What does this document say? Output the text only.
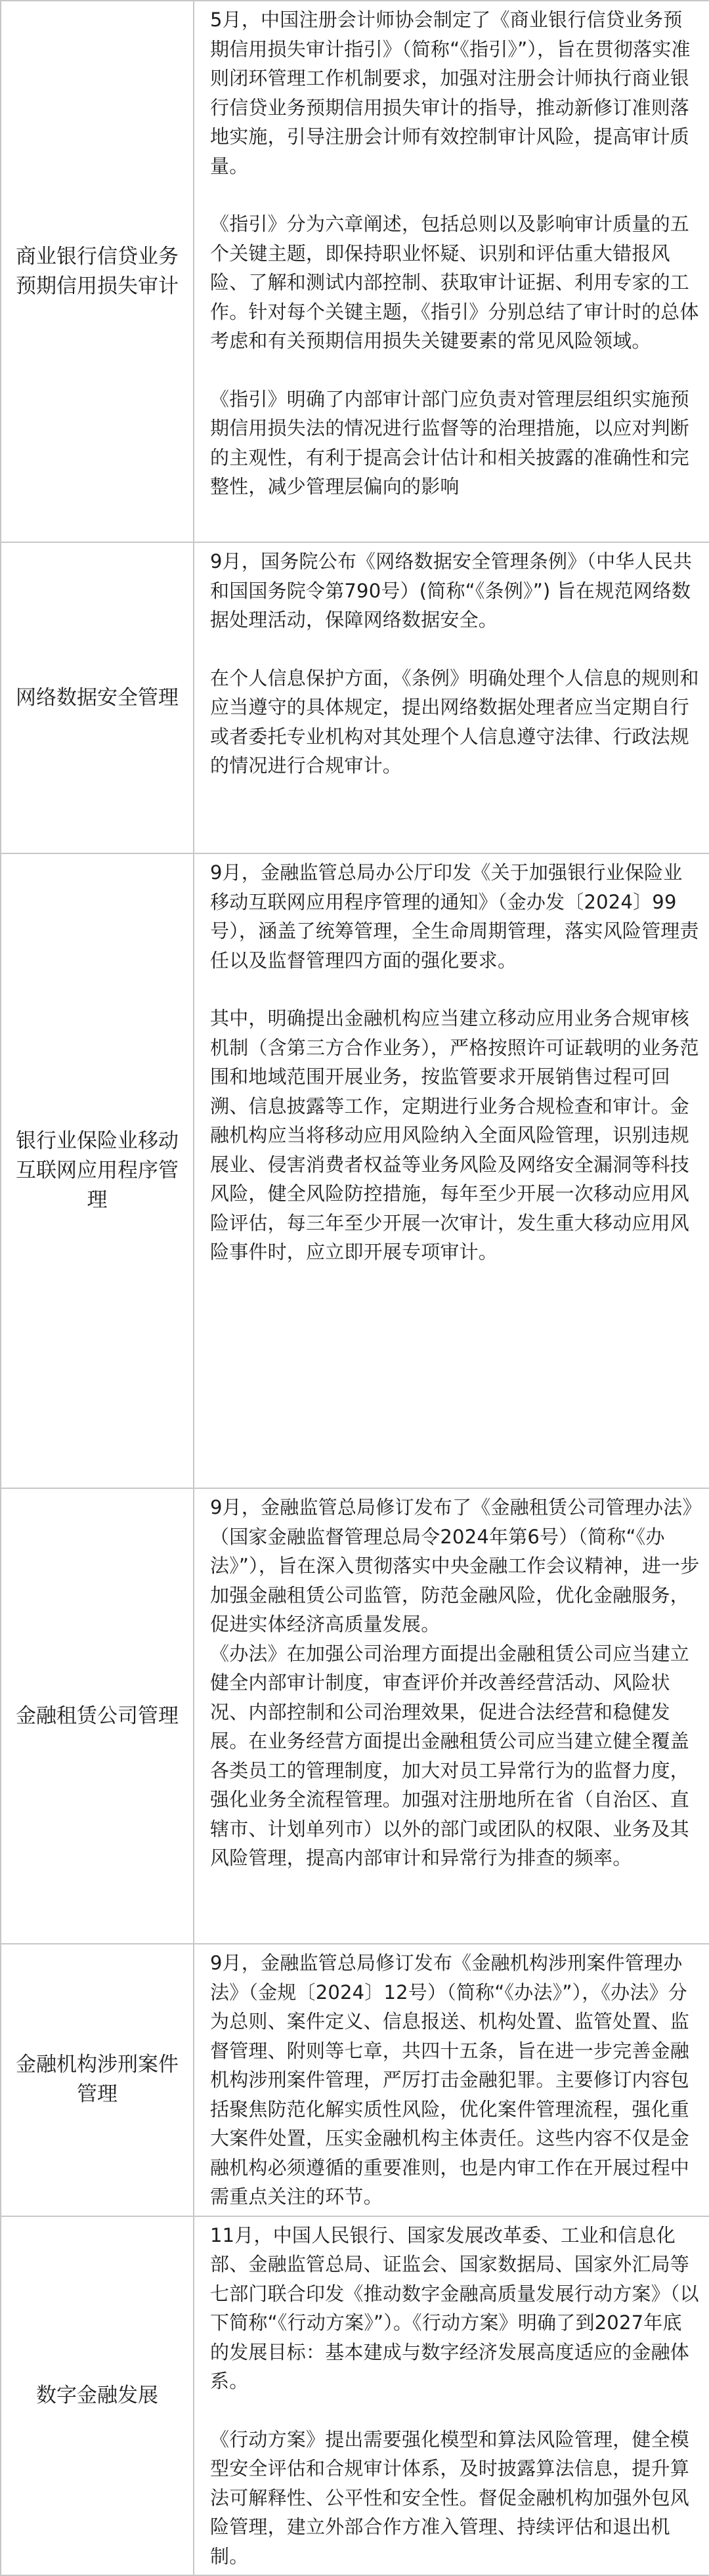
商业银行信贷业务预期信用损失审计	5月，中国注册会计师协会制定了《商业银行信贷业务预期信用损失审计指引》（简称“《指引》”），旨在贯彻落实准则闭环管理工作机制要求，加强对注册会计师执行商业银行信贷业务预期信用损失审计的指导，推动新修订准则落地实施，引导注册会计师有效控制审计风险，提高审计质量。

《指引》分为六章阐述，包括总则以及影响审计质量的五个关键主题，即保持职业怀疑、识别和评估重大错报风险、了解和测试内部控制、获取审计证据、利用专家的工作。针对每个关键主题，《指引》分别总结了审计时的总体考虑和有关预期信用损失关键要素的常见风险领域。

《指引》明确了内部审计部门应负责对管理层组织实施预期信用损失法的情况进行监督等的治理措施，以应对判断的主观性，有利于提高会计估计和相关披露的准确性和完整性，减少管理层偏向的影响

网络数据安全管理	9月，国务院公布《网络数据安全管理条例》（中华人民共和国国务院令第790号）(简称“《条例》”) 旨在规范网络数据处理活动，保障网络数据安全。

在个人信息保护方面，《条例》明确处理个人信息的规则和应当遵守的具体规定，提出网络数据处理者应当定期自行或者委托专业机构对其处理个人信息遵守法律、行政法规的情况进行合规审计。

银行业保险业移动互联网应用程序管理	9月，金融监管总局办公厅印发《关于加强银行业保险业移动互联网应用程序管理的通知》（金办发〔2024〕99号），涵盖了统筹管理，全生命周期管理，落实风险管理责任以及监督管理四方面的强化要求。

其中，明确提出金融机构应当建立移动应用业务合规审核机制（含第三方合作业务），严格按照许可证载明的业务范围和地域范围开展业务，按监管要求开展销售过程可回溯、信息披露等工作，定期进行业务合规检查和审计。金融机构应当将移动应用风险纳入全面风险管理，识别违规展业、侵害消费者权益等业务风险及网络安全漏洞等科技风险，健全风险防控措施，每年至少开展一次移动应用风险评估，每三年至少开展一次审计，发生重大移动应用风险事件时，应立即开展专项审计。

金融租赁公司管理	9月，金融监管总局修订发布了《金融租赁公司管理办法》（国家金融监督管理总局令2024年第6号）（简称“《办法》”），旨在深入贯彻落实中央金融工作会议精神，进一步加强金融租赁公司监管，防范金融风险，优化金融服务，促进实体经济高质量发展。

《办法》在加强公司治理方面提出金融租赁公司应当建立健全内部审计制度，审查评价并改善经营活动、风险状况、内部控制和公司治理效果，促进合法经营和稳健发展。在业务经营方面提出金融租赁公司应当建立健全覆盖各类员工的管理制度，加大对员工异常行为的监督力度，强化业务全流程管理。加强对注册地所在省（自治区、直辖市、计划单列市）以外的部门或团队的权限、业务及其风险管理，提高内部审计和异常行为排查的频率。

金融机构涉刑案件管理	9月，金融监管总局修订发布《金融机构涉刑案件管理办法》（金规〔2024〕12号）（简称“《办法》”），《办法》分为总则、案件定义、信息报送、机构处置、监管处置、监督管理、附则等七章，共四十五条，旨在进一步完善金融机构涉刑案件管理，严厉打击金融犯罪。主要修订内容包括聚焦防范化解实质性风险，优化案件管理流程，强化重大案件处置，压实金融机构主体责任。这些内容不仅是金融机构必须遵循的重要准则，也是内审工作在开展过程中需重点关注的环节。

数字金融发展	11月，中国人民银行、国家发展改革委、工业和信息化部、金融监管总局、证监会、国家数据局、国家外汇局等七部门联合印发《推动数字金融高质量发展行动方案》（以下简称“《行动方案》”）。《行动方案》明确了到2027年底的发展目标：基本建成与数字经济发展高度适应的金融体系。

《行动方案》提出需要强化模型和算法风险管理，健全模型安全评估和合规审计体系，及时披露算法信息，提升算法可解释性、公平性和安全性。督促金融机构加强外包风险管理，建立外部合作方准入管理、持续评估和退出机制。
